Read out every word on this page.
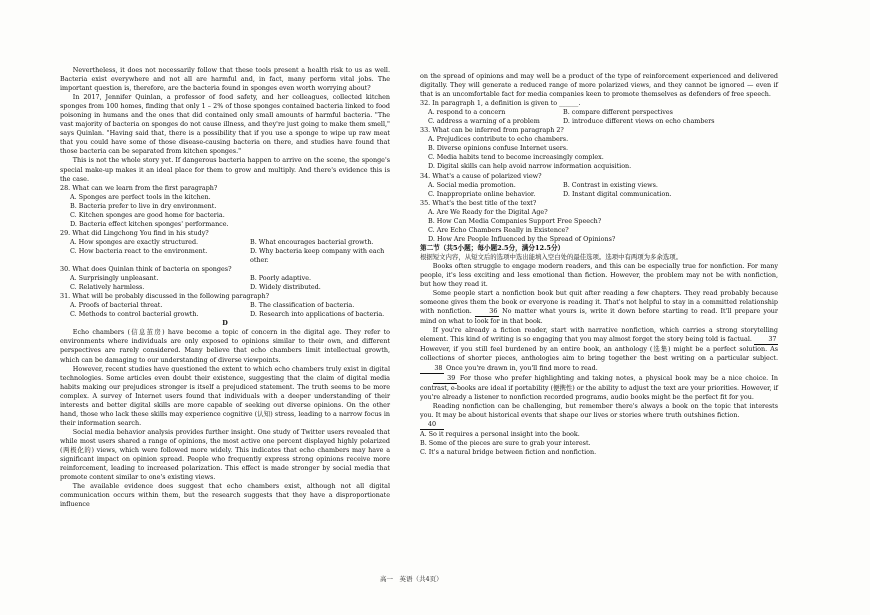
Nevertheless, it does not necessarily follow that these tools present a health risk to us as well. Bacteria exist everywhere and not all are harmful and, in fact, many perform vital jobs. The important question is, therefore, are the bacteria found in sponges even worth worrying about?

In 2017, Jennifer Quinlan, a professor of food safety, and her colleagues, collected kitchen sponges from 100 homes, finding that only 1 – 2% of those sponges contained bacteria linked to food poisoning in humans and the ones that did contained only small amounts of harmful bacteria. "The vast majority of bacteria on sponges do not cause illness, and they're just going to make them smell," says Quinlan. "Having said that, there is a possibility that if you use a sponge to wipe up raw meat that you could have some of those disease-causing bacteria on there, and studies have found that those bacteria can be separated from kitchen sponges."

This is not the whole story yet. If dangerous bacteria happen to arrive on the scene, the sponge's special make-up makes it an ideal place for them to grow and multiply. And there's evidence this is the case.

28. What can we learn from the first paragraph?

A. Sponges are perfect tools in the kitchen.

B. Bacteria prefer to live in dry environment.

C. Kitchen sponges are good home for bacteria.

D. Bacteria effect kitchen sponges' performance.

29. What did Lingchong You find in his study?

A. How sponges are exactly structured.	B. What encourages bacterial growth.
C. How bacteria react to the environment.	D. Why bacteria keep company with each other.

30. What does Quinlan think of bacteria on sponges?

A. Surprisingly unpleasant.	B. Poorly adaptive.
C. Relatively harmless.	D. Widely distributed.

31. What will be probably discussed in the following paragraph?

A. Proofs of bacterial threat.	B. The classification of bacteria.
C. Methods to control bacterial growth.	D. Research into applications of bacteria.

D

Echo chambers (信息茧房) have become a topic of concern in the digital age. They refer to environments where individuals are only exposed to opinions similar to their own, and different perspectives are rarely considered. Many believe that echo chambers limit intellectual growth, which can be damaging to our understanding of diverse viewpoints.

However, recent studies have questioned the extent to which echo chambers truly exist in digital technologies. Some articles even doubt their existence, suggesting that the claim of digital media habits making our prejudices stronger is itself a prejudiced statement. The truth seems to be more complex. A survey of Internet users found that individuals with a deeper understanding of their interests and better digital skills are more capable of seeking out diverse opinions. On the other hand, those who lack these skills may experience cognitive (认知) stress, leading to a narrow focus in their information search.

Social media behavior analysis provides further insight. One study of Twitter users revealed that while most users shared a range of opinions, the most active one percent displayed highly polarized (两极化的) views, which were followed more widely. This indicates that echo chambers may have a significant impact on opinion spread. People who frequently express strong opinions receive more reinforcement, leading to increased polarization. This effect is made stronger by social media that promote content similar to one's existing views.

The available evidence does suggest that echo chambers exist, although not all digital communication occurs within them, but the research suggests that they have a disproportionate influence

on the spread of opinions and may well be a product of the type of reinforcement experienced and delivered digitally. They will generate a reduced range of more polarized views, and they cannot be ignored — even if that is an uncomfortable fact for media companies keen to promote themselves as defenders of free speech.

32. In paragraph 1, a definition is given to ______.

A. respond to a concern	B. compare different perspectives
C. address a warning of a problem	D. introduce different views on echo chambers

33. What can be inferred from paragraph 2?

A. Prejudices contribute to echo chambers.

B. Diverse opinions confuse Internet users.

C. Media habits tend to become increasingly complex.

D. Digital skills can help avoid narrow information acquisition.

34. What's a cause of polarized view?

A. Social media promotion.	B. Contrast in existing views.
C. Inappropriate online behavior.	D. Instant digital communication.

35. What's the best title of the text?

A. Are We Ready for the Digital Age?

B. How Can Media Companies Support Free Speech?

C. Are Echo Chambers Really in Existence?

D. How Are People Influenced by the Spread of Opinions?

第二节（共5小题；每小题2.5分，满分12.5分）

根据短文内容，从短文后的选项中选出能填入空白处的最佳选项。选项中有两项为多余选项。

Books often struggle to engage modern readers, and this can be especially true for nonfiction. For many people, it's less exciting and less emotional than fiction. However, the problem may not be with nonfiction, but how they read it.

Some people start a nonfiction book but quit after reading a few chapters. They read probably because someone gives them the book or everyone is reading it. That's not helpful to stay in a committed relationship with nonfiction.	36 No matter what yours is, write it down before starting to read. It'll prepare your mind on what to look for in that book.

If you're already a fiction reader, start with narrative nonfiction, which carries a strong storytelling element. This kind of writing is so engaging that you may almost forget the story being told is factual.	37 However, if you still feel burdened by an entire book, an anthology (选集) might be a perfect solution. As collections of shorter pieces, anthologies aim to bring together the best writing on a particular subject. 38 Once you're drawn in, you'll find more to read.

39 For those who prefer highlighting and taking notes, a physical book may be a nice choice. In contrast, e-books are ideal if portability (便携性) or the ability to adjust the text are your priorities. However, if you're already a listener to nonfiction recorded programs, audio books might be the perfect fit for you.

Reading nonfiction can be challenging, but remember there's always a book on the topic that interests you. It may be about historical events that shape our lives or stories where truth outshines fiction.

40

A. So it requires a personal insight into the book.

B. Some of the pieces are sure to grab your interest.

C. It's a natural bridge between fiction and nonfiction.

高一　英语（共4页）
